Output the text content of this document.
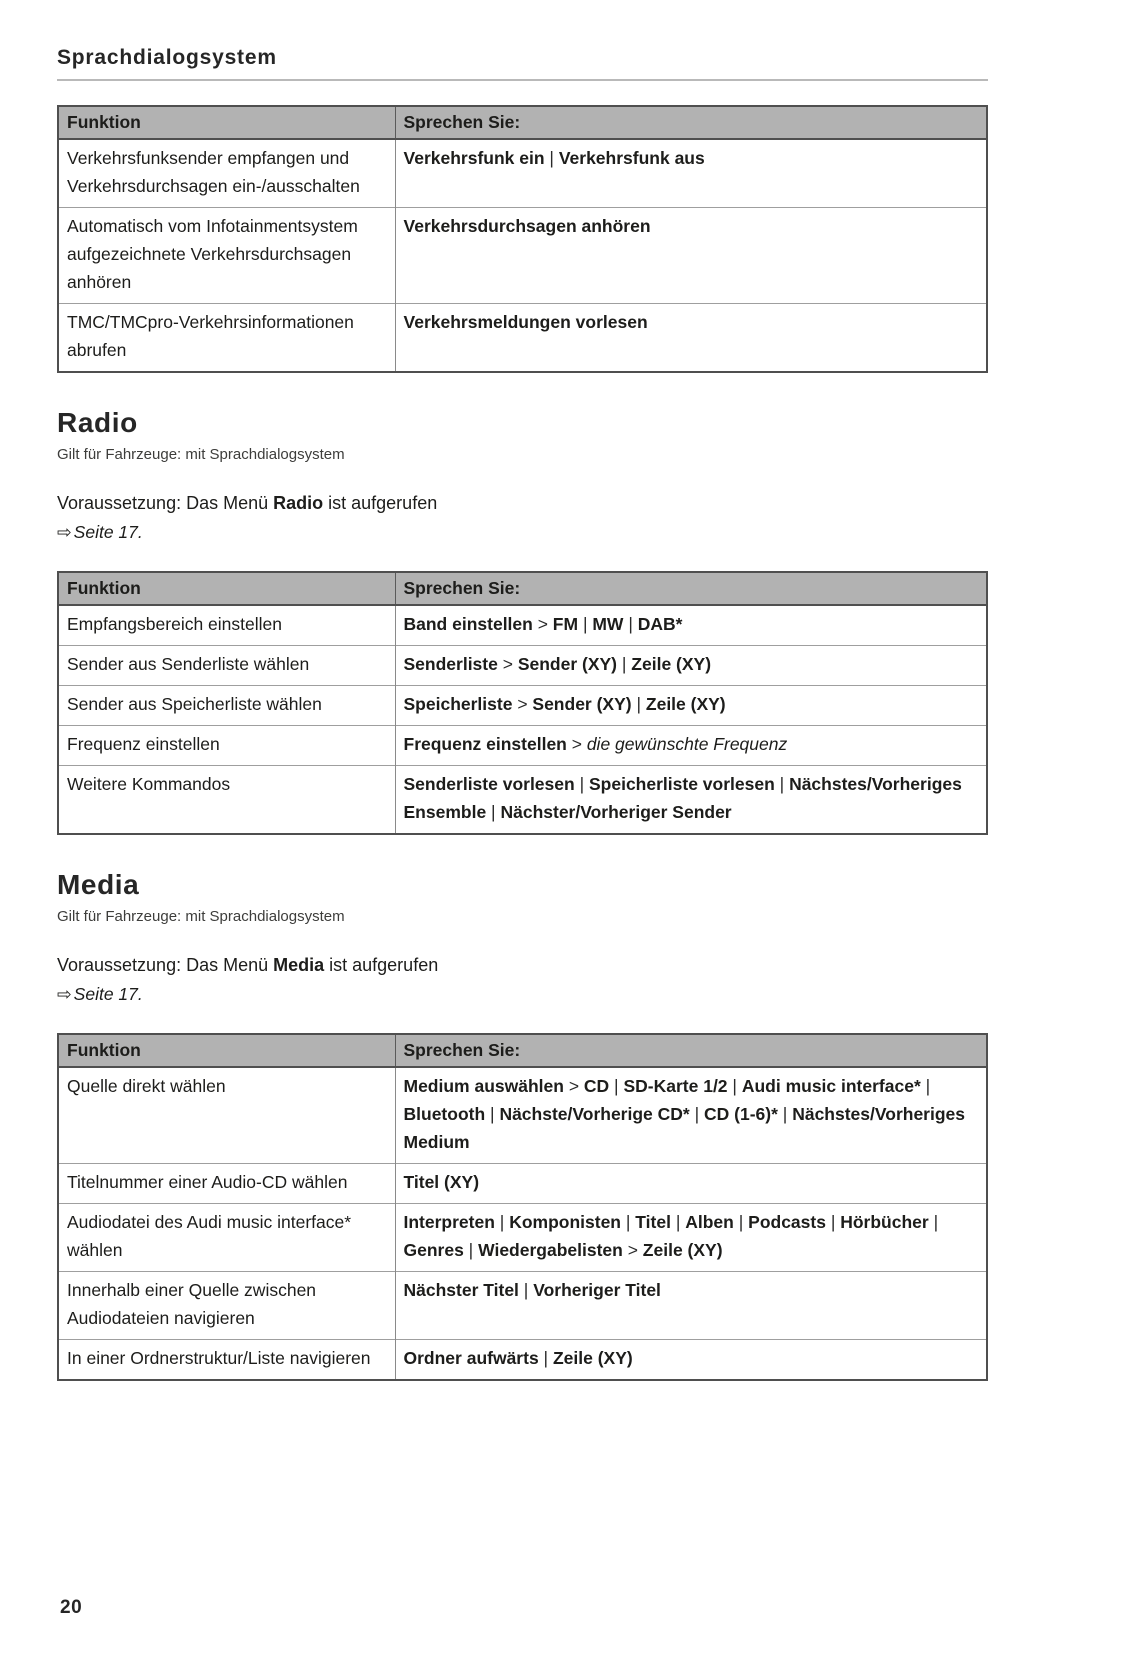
Sprachdialogsystem
Funktion	Sprechen Sie:
Verkehrsfunksender empfangen und Verkehrsdurchsagen ein-/ausschalten	Verkehrsfunk ein | Verkehrsfunk aus
Automatisch vom Infotainmentsystem aufgezeichnete Verkehrsdurchsagen anhören	Verkehrsdurchsagen anhören
TMC/TMCpro-Verkehrsinformationen abrufen	Verkehrsmeldungen vorlesen
Radio

Gilt für Fahrzeuge: mit Sprachdialogsystem

Voraussetzung: Das Menü Radio ist aufgerufen

⇨ Seite 17.

Funktion	Sprechen Sie:
Empfangsbereich einstellen	Band einstellen > FM | MW | DAB*
Sender aus Senderliste wählen	Senderliste > Sender (XY) | Zeile (XY)
Sender aus Speicherliste wählen	Speicherliste > Sender (XY) | Zeile (XY)
Frequenz einstellen	Frequenz einstellen > die gewünschte Frequenz
Weitere Kommandos	Senderliste vorlesen | Speicherliste vorlesen | Nächstes/Vorheriges Ensemble | Nächster/Vorheriger Sender
Media

Gilt für Fahrzeuge: mit Sprachdialogsystem

Voraussetzung: Das Menü Media ist aufgerufen

⇨ Seite 17.

Funktion	Sprechen Sie:
Quelle direkt wählen	Medium auswählen > CD | SD-Karte 1/2 | Audi music interface* | Bluetooth | Nächste/Vorherige CD* | CD (1-6)* | Nächstes/Vorheriges Medium
Titelnummer einer Audio-CD wählen	Titel (XY)
Audiodatei des Audi music interface* wählen	Interpreten | Komponisten | Titel | Alben | Podcasts | Hörbücher | Genres | Wiedergabelisten > Zeile (XY)
Innerhalb einer Quelle zwischen Audiodateien navigieren	Nächster Titel | Vorheriger Titel
In einer Ordnerstruktur/Liste navigieren	Ordner aufwärts | Zeile (XY)
20
